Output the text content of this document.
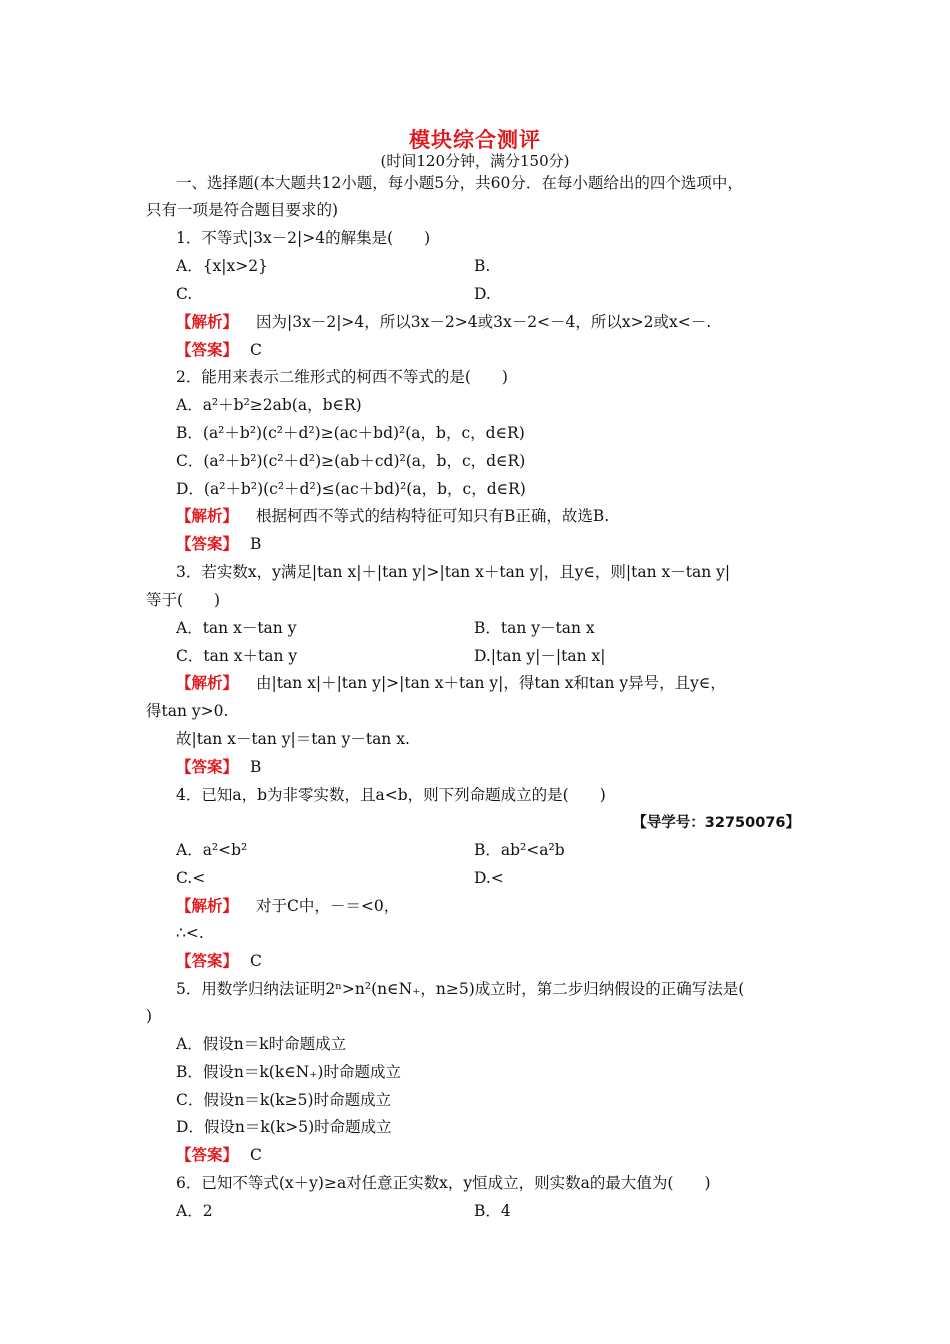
模块综合测评
(时间120分钟，满分150分)
一、选择题(本大题共12小题，每小题5分，共60分．在每小题给出的四个选项中，
只有一项是符合题目要求的)
1．不等式|3x－2|>4的解集是(　　)
A．{x|x>2}	B.
C.	D.
【解析】 因为|3x－2|>4，所以3x－2>4或3x－2<－4，所以x>2或x<－.
【答案】 C
2．能用来表示二维形式的柯西不等式的是(　　)
A．a²＋b²≥2ab(a，b∈R)
B．(a²＋b²)(c²＋d²)≥(ac＋bd)²(a，b，c，d∈R)
C．(a²＋b²)(c²＋d²)≥(ab＋cd)²(a，b，c，d∈R)
D．(a²＋b²)(c²＋d²)≤(ac＋bd)²(a，b，c，d∈R)
【解析】 根据柯西不等式的结构特征可知只有B正确，故选B.
【答案】 B
3．若实数x，y满足|tan x|＋|tan y|>|tan x＋tan y|，且y∈，则|tan x－tan y|
等于(　　)
A．tan x－tan y	B．tan y－tan x
C．tan x＋tan y	D.|tan y|－|tan x|
【解析】 由|tan x|＋|tan y|>|tan x＋tan y|，得tan x和tan y异号，且y∈，
得tan y>0.
故|tan x－tan y|＝tan y－tan x.
【答案】 B
4．已知a，b为非零实数，且a<b，则下列命题成立的是(　　)
【导学号：32750076】
A．a²<b²	B．ab²<a²b
C.<	D.<
【解析】 对于C中，－＝<0，
∴<.
【答案】 C
5．用数学归纳法证明2ⁿ>n²(n∈N₊，n≥5)成立时，第二步归纳假设的正确写法是(
)
A．假设n＝k时命题成立
B．假设n＝k(k∈N₊)时命题成立
C．假设n＝k(k≥5)时命题成立
D．假设n＝k(k>5)时命题成立
【答案】 C
6．已知不等式(x＋y)≥a对任意正实数x，y恒成立，则实数a的最大值为(　　)
A．2	B．4
